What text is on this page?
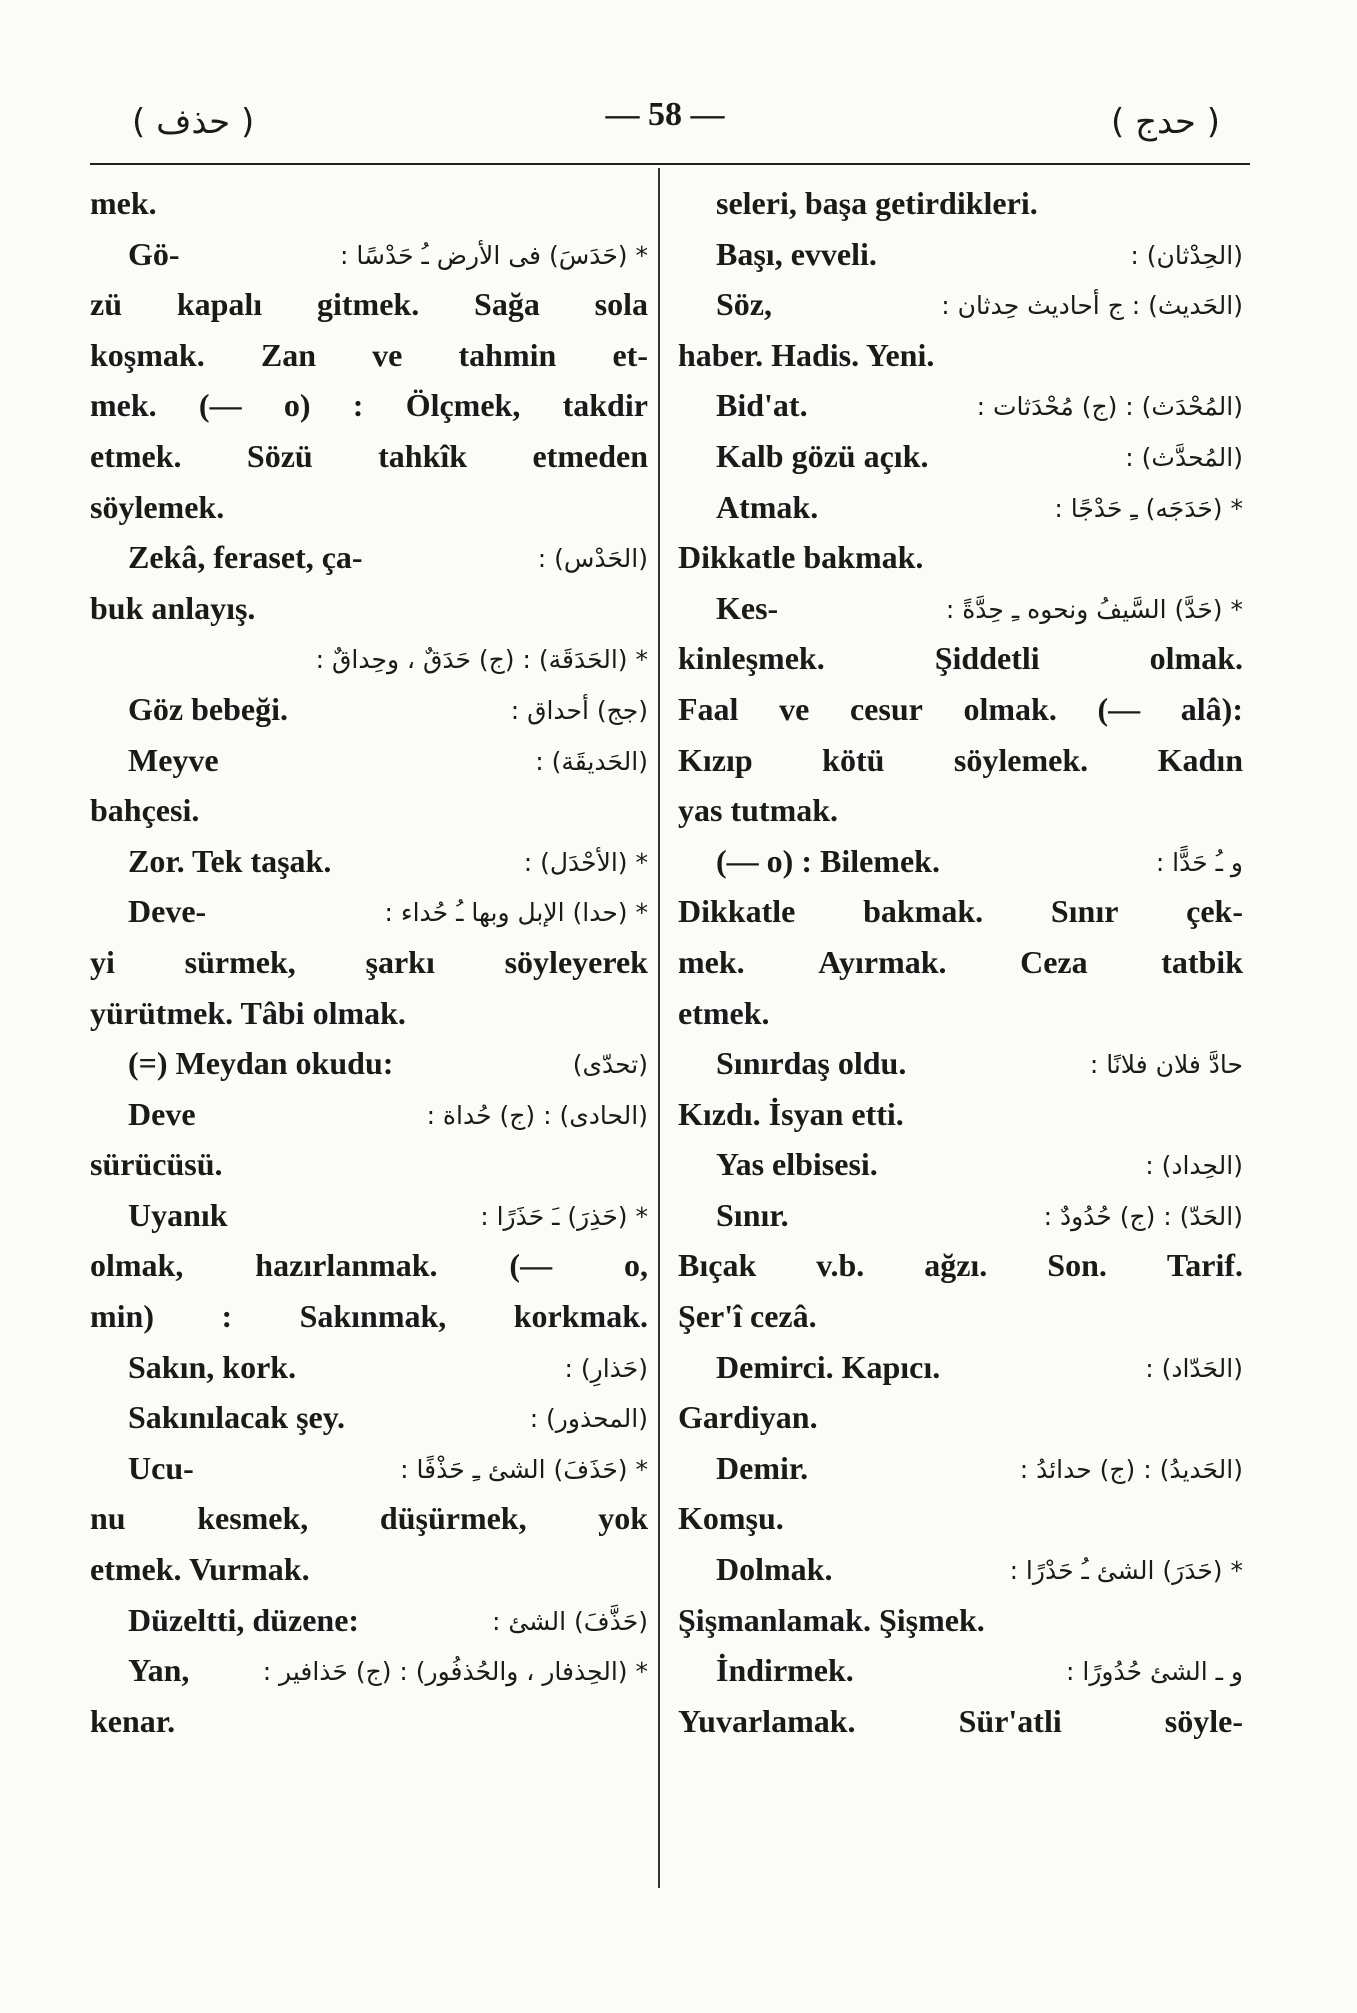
( حذف )	— 58 —	( حدج )
mek.
Gö-	* (حَدَسَ) فى الأرض ـُ حَدْسًا :
zü kapalı gitmek. Sağa sola
koşmak. Zan ve tahmin et-
mek. (— o) : Ölçmek, takdir
etmek. Sözü tahkîk etmeden
söylemek.
Zekâ, feraset, ça-	(الحَدْس) :
buk anlayış.
* (الحَدَقَة) : (ج) حَدَقٌ ، وحِداقٌ :
Göz bebeği.	(جج) أحداق :
Meyve	(الحَديقَة) :
bahçesi.
Zor. Tek taşak.	* (الأحْدَل) :
Deve-	* (حدا) الإبل وبها ـُ حُداء :
yi sürmek, şarkı söyleyerek
yürütmek. Tâbi olmak.
(=) Meydan okudu:	(تحدّى)
Deve	(الحادى) : (ج) حُداة :
sürücüsü.
Uyanık	* (حَذِرَ) ـَ حَذَرًا :
olmak, hazırlanmak. (— o,
min) : Sakınmak, korkmak.
Sakın, kork.	(حَذارِ) :
Sakınılacak şey.	(المحذور) :
Ucu-	* (حَذَفَ) الشئ ـِ حَذْفًا :
nu kesmek, düşürmek, yok
etmek. Vurmak.
Düzeltti, düzene:	(حَذَّفَ) الشئ :
Yan,	* (الحِذفار ، والحُذفُور) : (ج) حَذافير :
kenar.
seleri, başa getirdikleri.
Başı, evveli.	(الحِدْثان) :
Söz,	(الحَديث) : ج أحاديث حِدثان :
haber. Hadis. Yeni.
Bid'at.	(المُحْدَث) : (ج) مُحْدَثات :
Kalb gözü açık.	(المُحدَّث) :
Atmak.	* (حَدَجَه) ـِ حَدْجًا :
Dikkatle bakmak.
Kes-	* (حَدَّ) السَّيفُ ونحوه ـِ حِدَّةً :
kinleşmek.	Şiddetli	olmak.
Faal ve cesur olmak. (— alâ):
Kızıp kötü söylemek. Kadın
yas tutmak.
(— o) : Bilemek.	و ـُ حَدًّا :
Dikkatle bakmak. Sınır çek-
mek. Ayırmak. Ceza tatbik
etmek.
Sınırdaş oldu.	حادَّ فلان فلانًا :
Kızdı. İsyan etti.
Yas elbisesi.	(الحِداد) :
Sınır.	(الحَدّ) : (ج) حُدُودٌ :
Bıçak v.b. ağzı. Son. Tarif.
Şer'î cezâ.
Demirci. Kapıcı.	(الحَدّاد) :
Gardiyan.
Demir.	(الحَديدُ) : (ج) حدائدُ :
Komşu.
Dolmak.	* (حَدَرَ) الشئ ـُ حَدْرًا :
Şişmanlamak. Şişmek.
İndirmek.	و ـ الشئ حُدُورًا :
Yuvarlamak.	Sür'atli	söyle-
